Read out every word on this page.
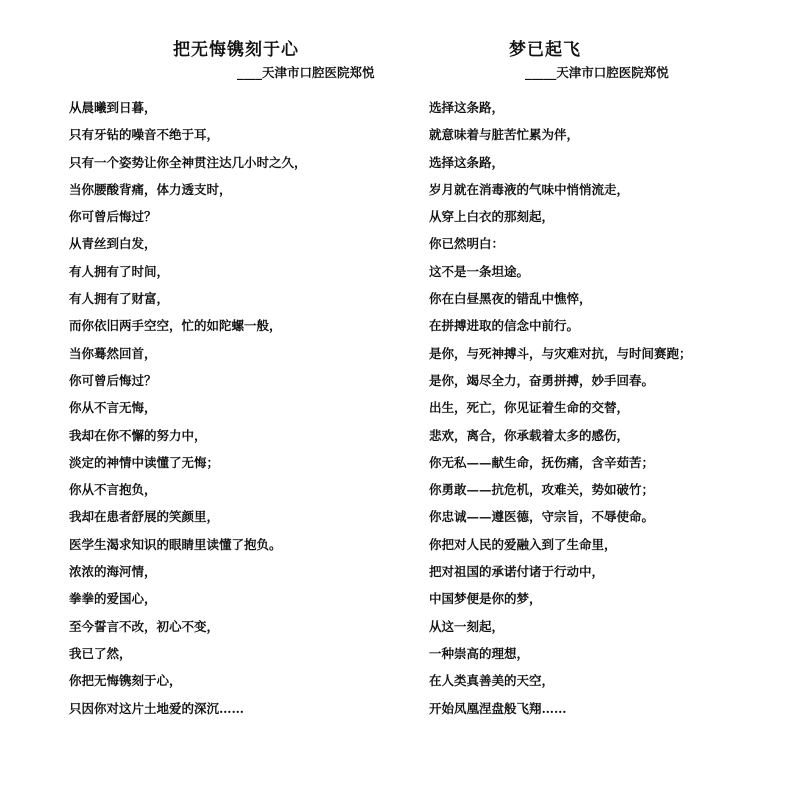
把无悔镌刻于心
____天津市口腔医院郑悦
从晨曦到日暮，
只有牙钻的噪音不绝于耳，
只有一个姿势让你全神贯注达几小时之久，
当你腰酸背痛，体力透支时，
你可曾后悔过？
从青丝到白发，
有人拥有了时间，
有人拥有了财富，
而你依旧两手空空，忙的如陀螺一般，
当你蓦然回首，
你可曾后悔过？
你从不言无悔，
我却在你不懈的努力中，
淡定的神情中读懂了无悔；
你从不言抱负，
我却在患者舒展的笑颜里，
医学生渴求知识的眼睛里读懂了抱负。
浓浓的海河情，
拳拳的爱国心，
至今誓言不改，初心不变，
我已了然，
你把无悔镌刻于心，
只因你对这片土地爱的深沉……
梦已起飞
_____天津市口腔医院郑悦
选择这条路，
就意味着与脏苦忙累为伴，
选择这条路，
岁月就在消毒液的气味中悄悄流走，
从穿上白衣的那刻起，
你已然明白：
这不是一条坦途。
你在白昼黑夜的错乱中憔悴，
在拼搏进取的信念中前行。
是你，与死神搏斗，与灾难对抗，与时间赛跑；
是你，竭尽全力，奋勇拼搏，妙手回春。
出生，死亡，你见证着生命的交替，
悲欢，离合，你承载着太多的感伤，
你无私——献生命，抚伤痛，含辛茹苦；
你勇敢——抗危机，攻难关，势如破竹；
你忠诚——遵医德，守宗旨，不辱使命。
你把对人民的爱融入到了生命里，
把对祖国的承诺付诸于行动中，
中国梦便是你的梦，
从这一刻起，
一种崇高的理想，
在人类真善美的天空，
开始凤凰涅盘般飞翔……
